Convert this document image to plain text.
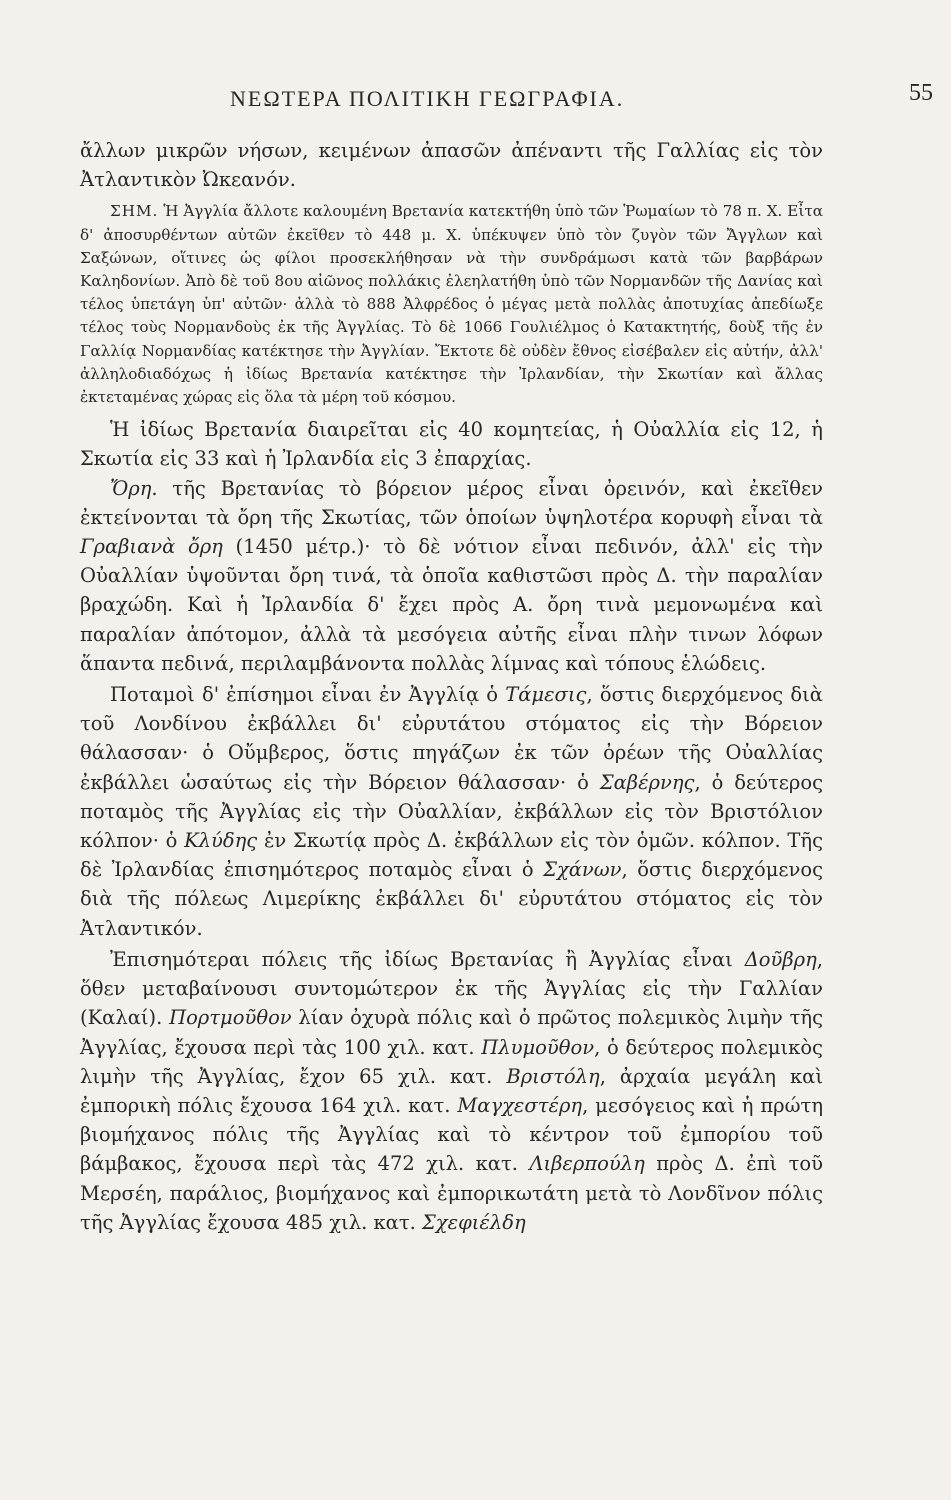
ΝΕΩΤΕΡΑ ΠΟΛΙΤΙΚΗ ΓΕΩΓΡΑΦΙΑ.	55

ἄλλων μικρῶν νήσων, κειμένων ἀπασῶν ἀπέναντι τῆς Γαλλίας εἰς τὸν Ἀτλαντικὸν Ὠκεανόν.

ΣΗΜ. Ἡ Ἀγγλία ἄλλοτε καλουμένη Βρετανία κατεκτήθη ὑπὸ τῶν Ῥωμαίων τὸ 78 π. Χ. Εἶτα δ' ἀποσυρθέντων αὐτῶν ἐκεῖθεν τὸ 448 μ. Χ. ὑπέκυψεν ὑπὸ τὸν ζυγὸν τῶν Ἄγγλων καὶ Σαξώνων, οἵτινες ὡς φίλοι προσεκλήθησαν νὰ τὴν συνδράμωσι κατὰ τῶν βαρβάρων Καληδονίων. Ἀπὸ δὲ τοῦ 8ου αἰῶνος πολλάκις ἐλεηλατήθη ὑπὸ τῶν Νορμανδῶν τῆς Δανίας καὶ τέλος ὑπετάγη ὑπ' αὐτῶν· ἀλλὰ τὸ 888 Ἀλφρέδος ὁ μέγας μετὰ πολλὰς ἀποτυχίας ἀπεδίωξε τέλος τοὺς Νορμανδοὺς ἐκ τῆς Ἀγγλίας. Τὸ δὲ 1066 Γουλιέλμος ὁ Κατακτητής, δοὺξ τῆς ἐν Γαλλίᾳ Νορμανδίας κατέκτησε τὴν Ἀγγλίαν. Ἔκτοτε δὲ οὐδὲν ἔθνος εἰσέβαλεν εἰς αὐτήν, ἀλλ' ἀλληλοδιαδόχως ἡ ἰδίως Βρετανία κατέκτησε τὴν Ἰρλανδίαν, τὴν Σκωτίαν καὶ ἄλλας ἐκτεταμένας χώρας εἰς ὅλα τὰ μέρη τοῦ κόσμου.

Ἡ ἰδίως Βρετανία διαιρεῖται εἰς 40 κομητείας, ἡ Οὐαλλία εἰς 12, ἡ Σκωτία εἰς 33 καὶ ἡ Ἰρλανδία εἰς 3 ἐπαρχίας.

Ὄρη. τῆς Βρετανίας τὸ βόρειον μέρος εἶναι ὀρεινόν, καὶ ἐκεῖθεν ἐκτείνονται τὰ ὄρη τῆς Σκωτίας, τῶν ὁποίων ὑψηλοτέρα κορυφὴ εἶναι τὰ Γραβιανὰ ὄρη (1450 μέτρ.)· τὸ δὲ νότιον εἶναι πεδινόν, ἀλλ' εἰς τὴν Οὐαλλίαν ὑψοῦνται ὄρη τινά, τὰ ὁποῖα καθιστῶσι πρὸς Δ. τὴν παραλίαν βραχώδη. Καὶ ἡ Ἰρλανδία δ' ἔχει πρὸς Α. ὄρη τινὰ μεμονωμένα καὶ παραλίαν ἀπότομον, ἀλλὰ τὰ μεσόγεια αὐτῆς εἶναι πλὴν τινων λόφων ἅπαντα πεδινά, περιλαμβάνοντα πολλὰς λίμνας καὶ τόπους ἑλώδεις.

Ποταμοὶ δ' ἐπίσημοι εἶναι ἐν Ἀγγλίᾳ ὁ Τάμεσις, ὅστις διερχόμενος διὰ τοῦ Λονδίνου ἐκβάλλει δι' εὐρυτάτου στόματος εἰς τὴν Βόρειον θάλασσαν· ὁ Οὔμβερος, ὅστις πηγάζων ἐκ τῶν ὀρέων τῆς Οὐαλλίας ἐκβάλλει ὡσαύτως εἰς τὴν Βόρειον θάλασσαν· ὁ Σαβέρνης, ὁ δεύτερος ποταμὸς τῆς Ἀγγλίας εἰς τὴν Οὐαλλίαν, ἐκβάλλων εἰς τὸν Βριστόλιον κόλπον· ὁ Κλύδης ἐν Σκωτίᾳ πρὸς Δ. ἐκβάλλων εἰς τὸν ὁμῶν. κόλπον. Τῆς δὲ Ἰρλανδίας ἐπισημότερος ποταμὸς εἶναι ὁ Σχάνων, ὅστις διερχόμενος διὰ τῆς πόλεως Λιμερίκης ἐκβάλλει δι' εὐρυτάτου στόματος εἰς τὸν Ἀτλαντικόν.

Ἐπισημότεραι πόλεις τῆς ἰδίως Βρετανίας ἢ Ἀγγλίας εἶναι Δοῦβρη, ὅθεν μεταβαίνουσι συντομώτερον ἐκ τῆς Ἀγγλίας εἰς τὴν Γαλλίαν (Καλαί). Πορτμοῦθον λίαν ὀχυρὰ πόλις καὶ ὁ πρῶτος πολεμικὸς λιμὴν τῆς Ἀγγλίας, ἔχουσα περὶ τὰς 100 χιλ. κατ. Πλυμοῦθον, ὁ δεύτερος πολεμικὸς λιμὴν τῆς Ἀγγλίας, ἔχον 65 χιλ. κατ. Βριστόλη, ἀρχαία μεγάλη καὶ ἐμπορικὴ πόλις ἔχουσα 164 χιλ. κατ. Μαγχεστέρη, μεσόγειος καὶ ἡ πρώτη βιομήχανος πόλις τῆς Ἀγγλίας καὶ τὸ κέντρον τοῦ ἐμπορίου τοῦ βάμβακος, ἔχουσα περὶ τὰς 472 χιλ. κατ. Λιβερπούλη πρὸς Δ. ἐπὶ τοῦ Μερσέη, παράλιος, βιομήχανος καὶ ἐμπορικωτάτη μετὰ τὸ Λονδῖνον πόλις τῆς Ἀγγλίας ἔχουσα 485 χιλ. κατ. Σχεφιέλδη
